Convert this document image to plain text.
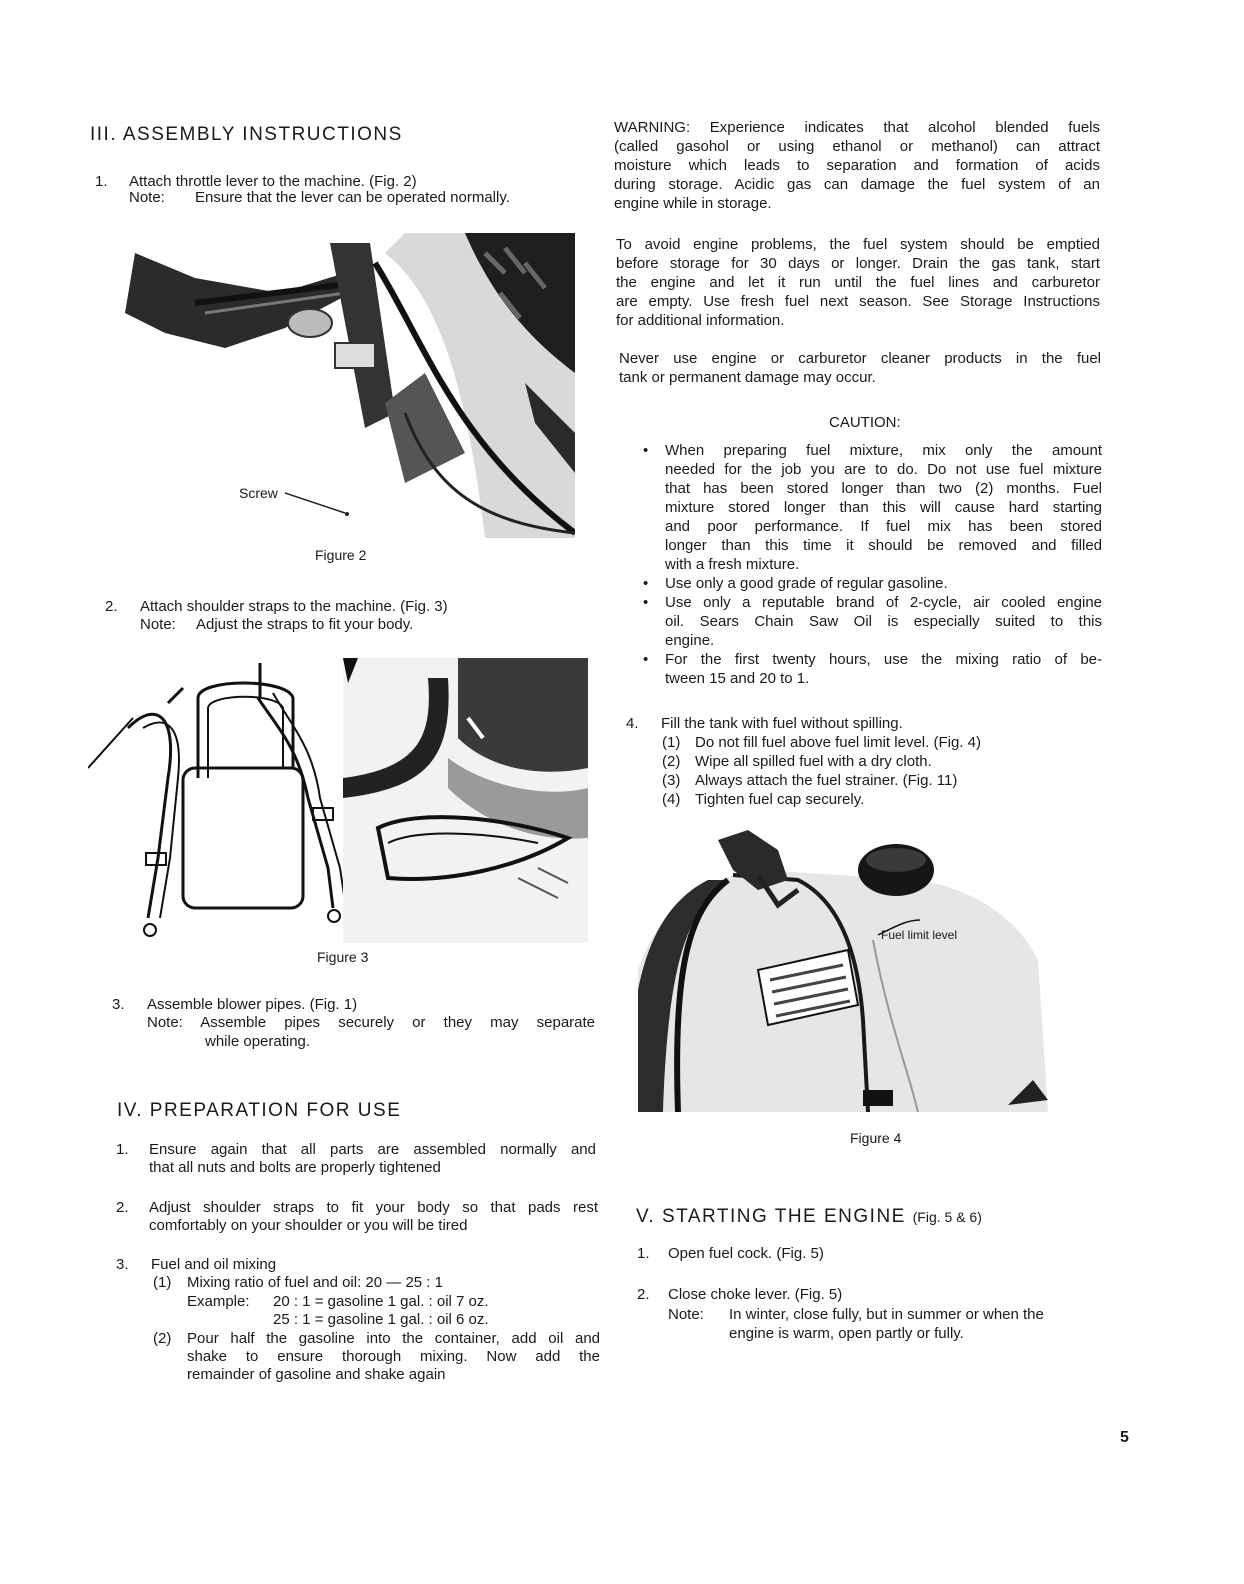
III. ASSEMBLY INSTRUCTIONS
1. Attach throttle lever to the machine. (Fig. 2)
Note: Ensure that the lever can be operated normally.
Screw
Figure 2
2. Attach shoulder straps to the machine. (Fig. 3)
Note: Adjust the straps to fit your body.
Figure 3
3. Assemble blower pipes. (Fig. 1)
Note: Assemble pipes securely or they may separate
while operating.
IV. PREPARATION FOR USE
1. Ensure again that all parts are assembled normally and
that all nuts and bolts are properly tightened
2. Adjust shoulder straps to fit your body so that pads rest
comfortably on your shoulder or you will be tired
3. Fuel and oil mixing
(1) Mixing ratio of fuel and oil: 20 — 25 : 1
Example: 20 : 1 = gasoline 1 gal. : oil 7 oz.
25 : 1 = gasoline 1 gal. : oil 6 oz.
(2) Pour half the gasoline into the container, add oil and
shake to ensure thorough mixing. Now add the
remainder of gasoline and shake again
WARNING: Experience indicates that alcohol blended fuels
(called gasohol or using ethanol or methanol) can attract
moisture which leads to separation and formation of acids
during storage. Acidic gas can damage the fuel system of an
engine while in storage.
To avoid engine problems, the fuel system should be emptied
before storage for 30 days or longer. Drain the gas tank, start
the engine and let it run until the fuel lines and carburetor
are empty. Use fresh fuel next season. See Storage Instructions
for additional information.
Never use engine or carburetor cleaner products in the fuel
tank or permanent damage may occur.
CAUTION:
• When preparing fuel mixture, mix only the amount
needed for the job you are to do. Do not use fuel mixture
that has been stored longer than two (2) months. Fuel
mixture stored longer than this will cause hard starting
and poor performance. If fuel mix has been stored
longer than this time it should be removed and filled
with a fresh mixture.
• Use only a good grade of regular gasoline.
• Use only a reputable brand of 2-cycle, air cooled engine
oil. Sears Chain Saw Oil is especially suited to this
engine.
• For the first twenty hours, use the mixing ratio of be-
tween 15 and 20 to 1.
4. Fill the tank with fuel without spilling.
(1) Do not fill fuel above fuel limit level. (Fig. 4)
(2) Wipe all spilled fuel with a dry cloth.
(3) Always attach the fuel strainer. (Fig. 11)
(4) Tighten fuel cap securely.
Fuel limit level
Figure 4
V. STARTING THE ENGINE (Fig. 5 & 6)
1. Open fuel cock. (Fig. 5)
2. Close choke lever. (Fig. 5)
Note: In winter, close fully, but in summer or when the
engine is warm, open partly or fully.
5
